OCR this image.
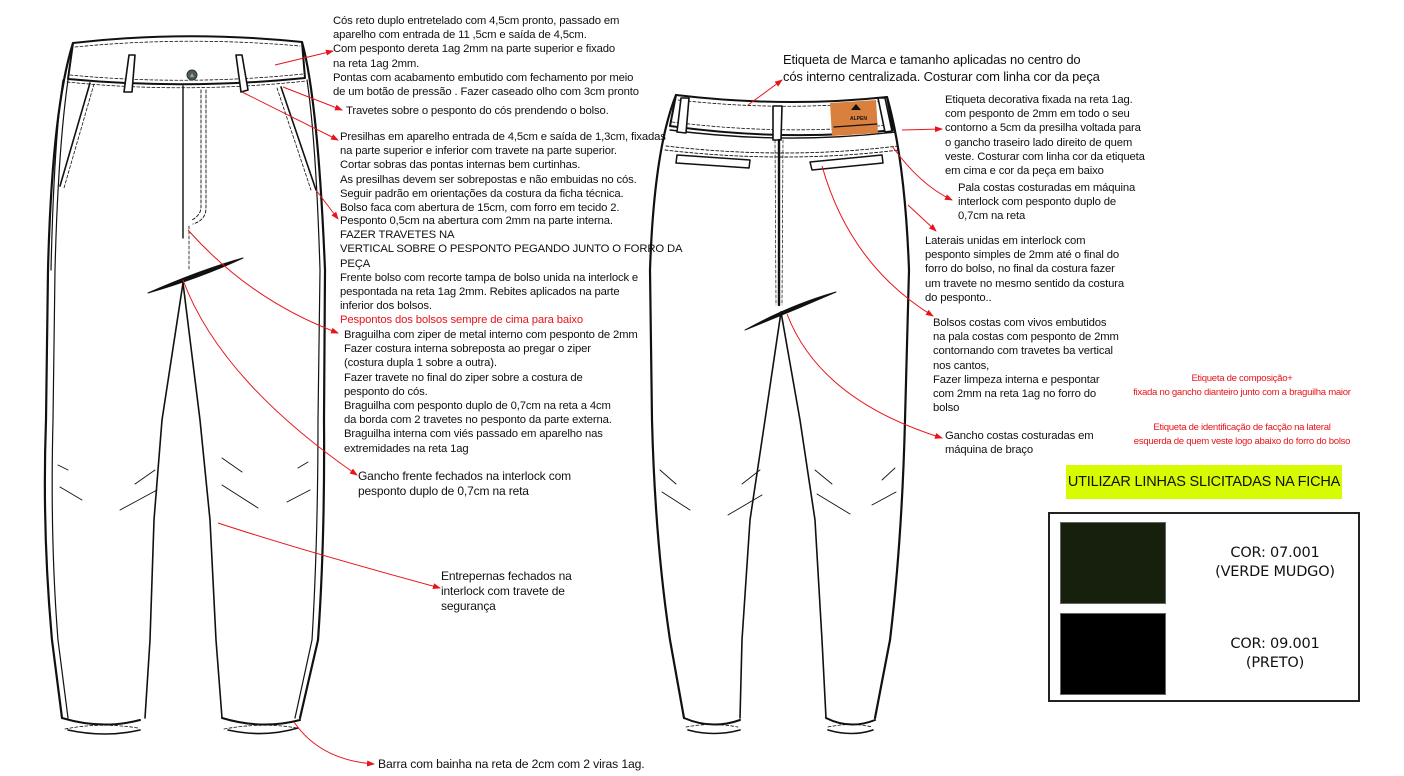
ALPEN
Cós reto duplo entretelado com 4,5cm pronto, passado em
aparelho com entrada de 11 ,5cm e saída de 4,5cm.
Com pesponto dereta 1ag 2mm na parte superior e fixado
na reta 1ag 2mm.
Pontas com acabamento embutido com fechamento por meio
de um botão de pressão . Fazer caseado olho com 3cm pronto
Travetes sobre o pesponto do cós prendendo o bolso.
Presilhas em aparelho entrada de 4,5cm e saída de 1,3cm, fixadas
na parte superior e inferior com travete na parte superior.
Cortar sobras das pontas internas bem curtinhas.
As presilhas devem ser sobrepostas e não embuidas no cós.
Seguir padrão em orientações da costura da ficha técnica.
Bolso faca com abertura de 15cm, com forro em tecido 2.
Pesponto 0,5cm na abertura com 2mm na parte interna.
FAZER TRAVETES NA
VERTICAL SOBRE O PESPONTO PEGANDO JUNTO O FORRO DA
PEÇA
Frente bolso com recorte tampa de bolso unida na interlock e
pespontada na reta 1ag 2mm. Rebites aplicados na parte
inferior dos bolsos.
Pespontos dos bolsos sempre de cima para baixo
Braguilha com ziper de metal interno com pesponto de 2mm
Fazer costura interna sobreposta ao pregar o ziper
(costura dupla 1 sobre a outra).
Fazer travete no final do ziper sobre a costura de
pesponto do cós.
Braguilha com pesponto duplo de 0,7cm na reta a 4cm
da borda com 2 travetes no pesponto da parte externa.
Braguilha interna com viés passado em aparelho nas
extremidades na reta 1ag
Gancho frente fechados na interlock com
pesponto duplo de 0,7cm na reta
Entrepernas fechados na
interlock com travete de
segurança
Barra com bainha na reta de 2cm com 2 viras 1ag.
Etiqueta de Marca e tamanho aplicadas no centro do
cós interno centralizada. Costurar com linha cor da peça
Etiqueta decorativa fixada na reta 1ag.
com pesponto de 2mm em todo o seu
contorno a 5cm da presilha voltada para
o gancho traseiro lado direito de quem
veste. Costurar com linha cor da etiqueta
em cima e cor da peça em baixo
Pala costas costuradas em máquina
interlock com pesponto duplo de
0,7cm na reta
Laterais unidas em interlock com
pesponto simples de 2mm até o final do
forro do bolso, no final da costura fazer
um travete no mesmo sentido da costura
do pesponto..
Bolsos costas com vivos embutidos
na pala costas com pesponto de 2mm
contornando com travetes ba vertical
nos cantos,
Fazer limpeza interna e pespontar
com 2mm na reta 1ag no forro do
bolso
Gancho costas costuradas em
máquina de braço
Etiqueta de composição+
fixada no gancho dianteiro junto com a braguilha maior
Etiqueta de identificação de facção na lateral
esquerda de quem veste logo abaixo do forro do bolso
UTILIZAR LINHAS SLICITADAS NA FICHA
COR: 07.001
(VERDE MUDGO)
COR: 09.001
(PRETO)
